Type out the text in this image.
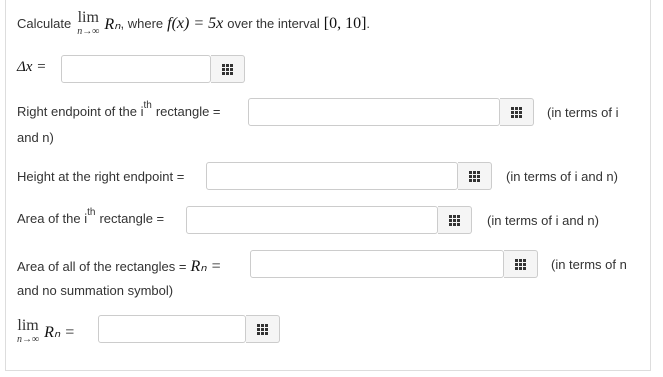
Calculate lim
n→∞ Rₙ , where f(x) = 5x over the interval [0, 10] .
Δx =
Right endpoint of the i th rectangle =	(in terms of i
and n)
Height at the right endpoint =	(in terms of i and n)
Area of the i th rectangle =	(in terms of i and n)
Area of all of the rectangles = Rₙ =	(in terms of n
and no summation symbol)
lim
n→∞ Rₙ =
